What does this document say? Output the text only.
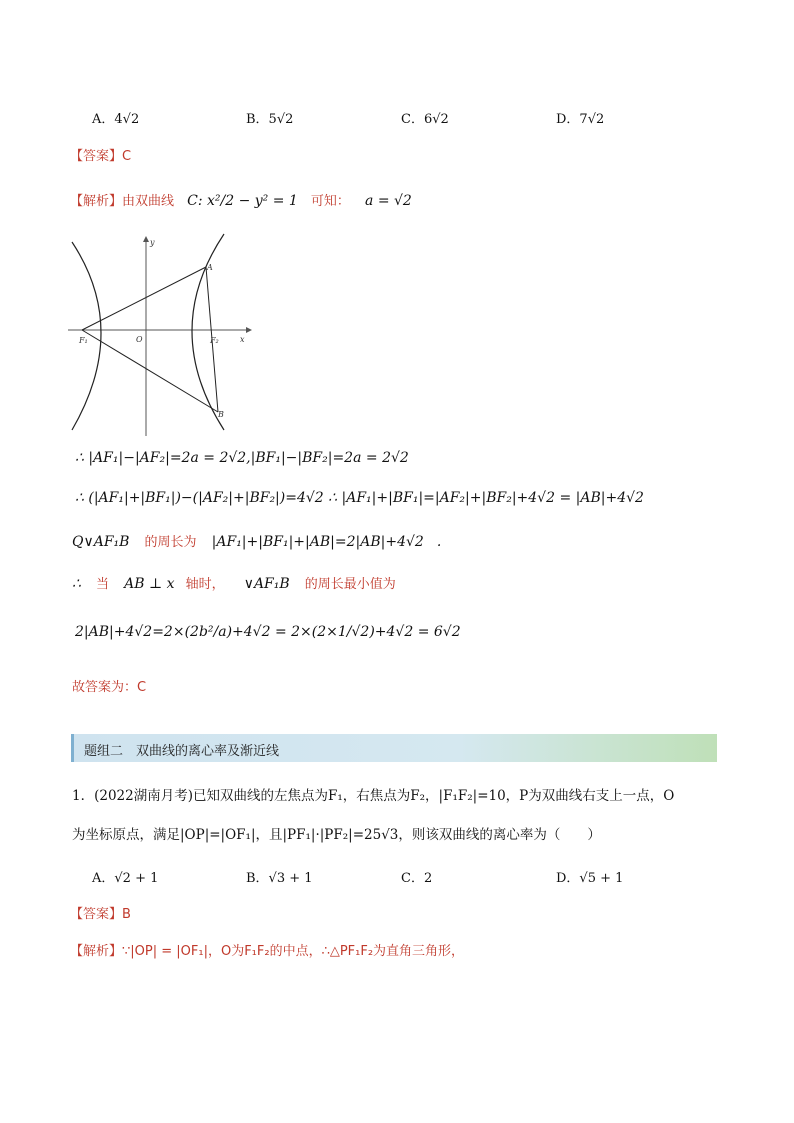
A．4√2	B．5√2	C．6√2	D．7√2
【答案】C
【解析】由双曲线 C: x²/2 − y² = 1 可知： a = √2
y
x
A
B
F₁	F₂
O
∴ |AF₁|−|AF₂|=2a = 2√2,|BF₁|−|BF₂|=2a = 2√2
∴ (|AF₁|+|BF₁|)−(|AF₂|+|BF₂|)=4√2 ∴ |AF₁|+|BF₁|=|AF₂|+|BF₂|+4√2 = |AB|+4√2
Q∨AF₁B 的周长为 |AF₁|+|BF₁|+|AB|=2|AB|+4√2 .
∴ 当 AB ⊥ x 轴时， ∨AF₁B 的周长最小值为
2|AB|+4√2=2×(2b²/a)+4√2 = 2×(2×1/√2)+4√2 = 6√2
故答案为：C
题组二　双曲线的离心率及渐近线
1．(2022湖南月考)已知双曲线的左焦点为F₁，右焦点为F₂，|F₁F₂|=10，P为双曲线右支上一点，O
为坐标原点，满足|OP|=|OF₁|，且|PF₁|·|PF₂|=25√3，则该双曲线的离心率为（　　）
A．√2 + 1	B．√3 + 1	C．2	D．√5 + 1
【答案】B
【解析】∵|OP| = |OF₁|，O为F₁F₂的中点，∴△PF₁F₂为直角三角形，
